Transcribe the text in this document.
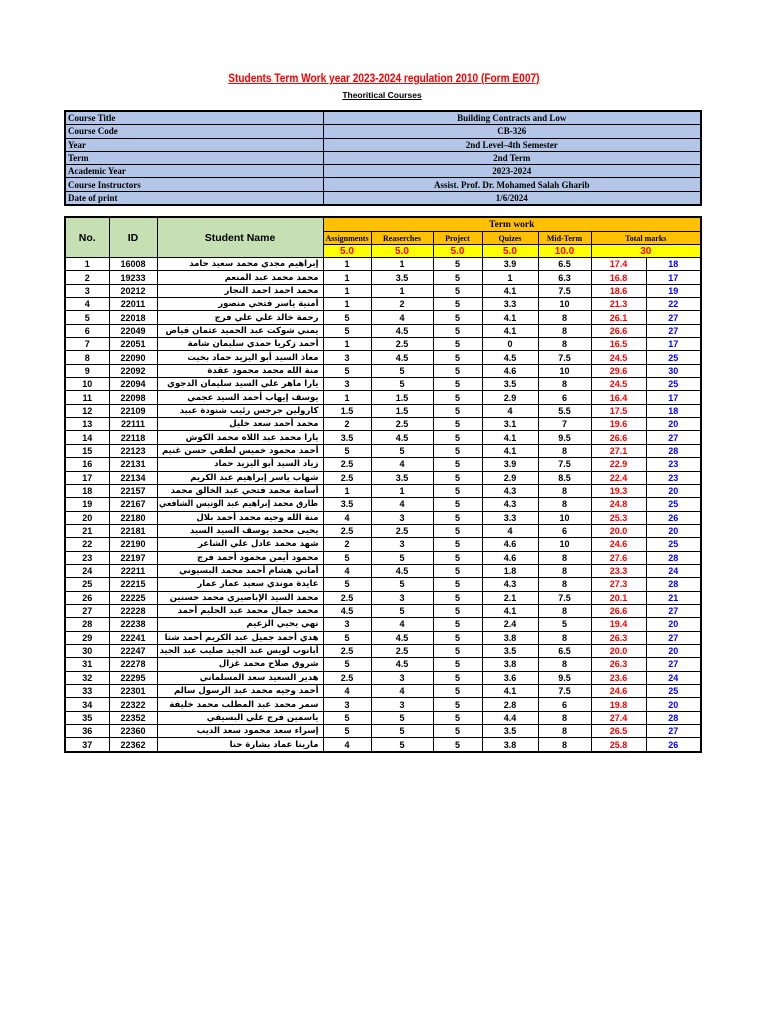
Students Term Work year 2023-2024 regulation 2010 (Form E007)
Theoritical Courses
Course Title	Building Contracts and Low
Course Code	CB-326
Year	2nd Level–4th Semester
Term	2nd Term
Academic Year	2023-2024
Course Instructors	Assist. Prof. Dr. Mohamed Salah Gharib
Date of print	1/6/2024
No.	ID	Student Name	Term work						
			Assignments	Reaserches	Project	Quizes	Mid-Term	Total marks	
			5.0	5.0	5.0	5.0	10.0	30	
1	16008	إبراهيم مجدي محمد سعيد حامد	1	1	5	3.9	6.5	17.4	18
2	19233	محمد محمد عبد المنعم	1	3.5	5	1	6.3	16.8	17
3	20212	محمد احمد احمد النجار	1	1	5	4.1	7.5	18.6	19
4	22011	أمنية ياسر فتحي منصور	1	2	5	3.3	10	21.3	22
5	22018	رحمة خالد علي علي فرج	5	4	5	4.1	8	26.1	27
6	22049	يمني شوكت عبد الحميد عثمان فياض	5	4.5	5	4.1	8	26.6	27
7	22051	أحمد زكريا حمدي سليمان شامة	1	2.5	5	0	8	16.5	17
8	22090	معاذ السيد أبو اليزيد حماد بخيت	3	4.5	5	4.5	7.5	24.5	25
9	22092	منة الله محمد محمود عقدة	5	5	5	4.6	10	29.6	30
10	22094	يارا ماهر علي السيد سليمان الدجوي	3	5	5	3.5	8	24.5	25
11	22098	يوسف إيهاب أحمد السيد عجمي	1	1.5	5	2.9	6	16.4	17
12	22109	كارولين جرجس رئيب شنودة عبيد	1.5	1.5	5	4	5.5	17.5	18
13	22111	محمد أحمد سعد خليل	2	2.5	5	3.1	7	19.6	20
14	22118	يارا محمد عبد اللاه محمد الكوش	3.5	4.5	5	4.1	9.5	26.6	27
15	22123	أحمد محمود خميس لطفي حسن غنيم	5	5	5	4.1	8	27.1	28
16	22131	زياد السيد أبو اليزيد حماد	2.5	4	5	3.9	7.5	22.9	23
17	22134	شهاب ياسر إبراهيم عبد الكريم	2.5	3.5	5	2.9	8.5	22.4	23
18	22157	أسامة محمد فتحي عبد الخالق محمد	1	1	5	4.3	8	19.3	20
19	22167	طارق محمد إبراهيم عبد الونيس الشافعي	3.5	4	5	4.3	8	24.8	25
20	22180	منة الله وجيه محمد أحمد بلال	4	3	5	3.3	10	25.3	26
21	22181	يحيى محمد يوسف السيد السيد	2.5	2.5	5	4	6	20.0	20
22	22190	شهد محمد عادل علي الشاعر	2	3	5	4.6	10	24.6	25
23	22197	محمود أيمن محمود أحمد فرج	5	5	5	4.6	8	27.6	28
24	22211	أماني هشام أحمد محمد البسيوني	4	4.5	5	1.8	8	23.3	24
25	22215	عايدة موندي سعيد عمار عمار	5	5	5	4.3	8	27.3	28
26	22225	محمد السيد الإباصيري محمد حسنين	2.5	3	5	2.1	7.5	20.1	21
27	22228	محمد جمال محمد عبد الحليم أحمد	4.5	5	5	4.1	8	26.6	27
28	22238	نهي يحيي الزعيم	3	4	5	2.4	5	19.4	20
29	22241	هدي أحمد جميل عبد الكريم أحمد شتا	5	4.5	5	3.8	8	26.3	27
30	22247	أبانوب لويس عبد الجيد صليب عبد الجيد	2.5	2.5	5	3.5	6.5	20.0	20
31	22278	شروق صلاح محمد غزال	5	4.5	5	3.8	8	26.3	27
32	22295	هدير السعيد سعد المسلماني	2.5	3	5	3.6	9.5	23.6	24
33	22301	أحمد وجيه محمد عبد الرسول سالم	4	4	5	4.1	7.5	24.6	25
34	22322	سمر محمد عبد المطلب محمد خليفة	3	3	5	2.8	6	19.8	20
35	22352	ياسمين فرج علي البسيقي	5	5	5	4.4	8	27.4	28
36	22360	إسراء سعد محمود سعد الديب	5	5	5	3.5	8	26.5	27
37	22362	مارينا عماد بشارة حنا	4	5	5	3.8	8	25.8	26
